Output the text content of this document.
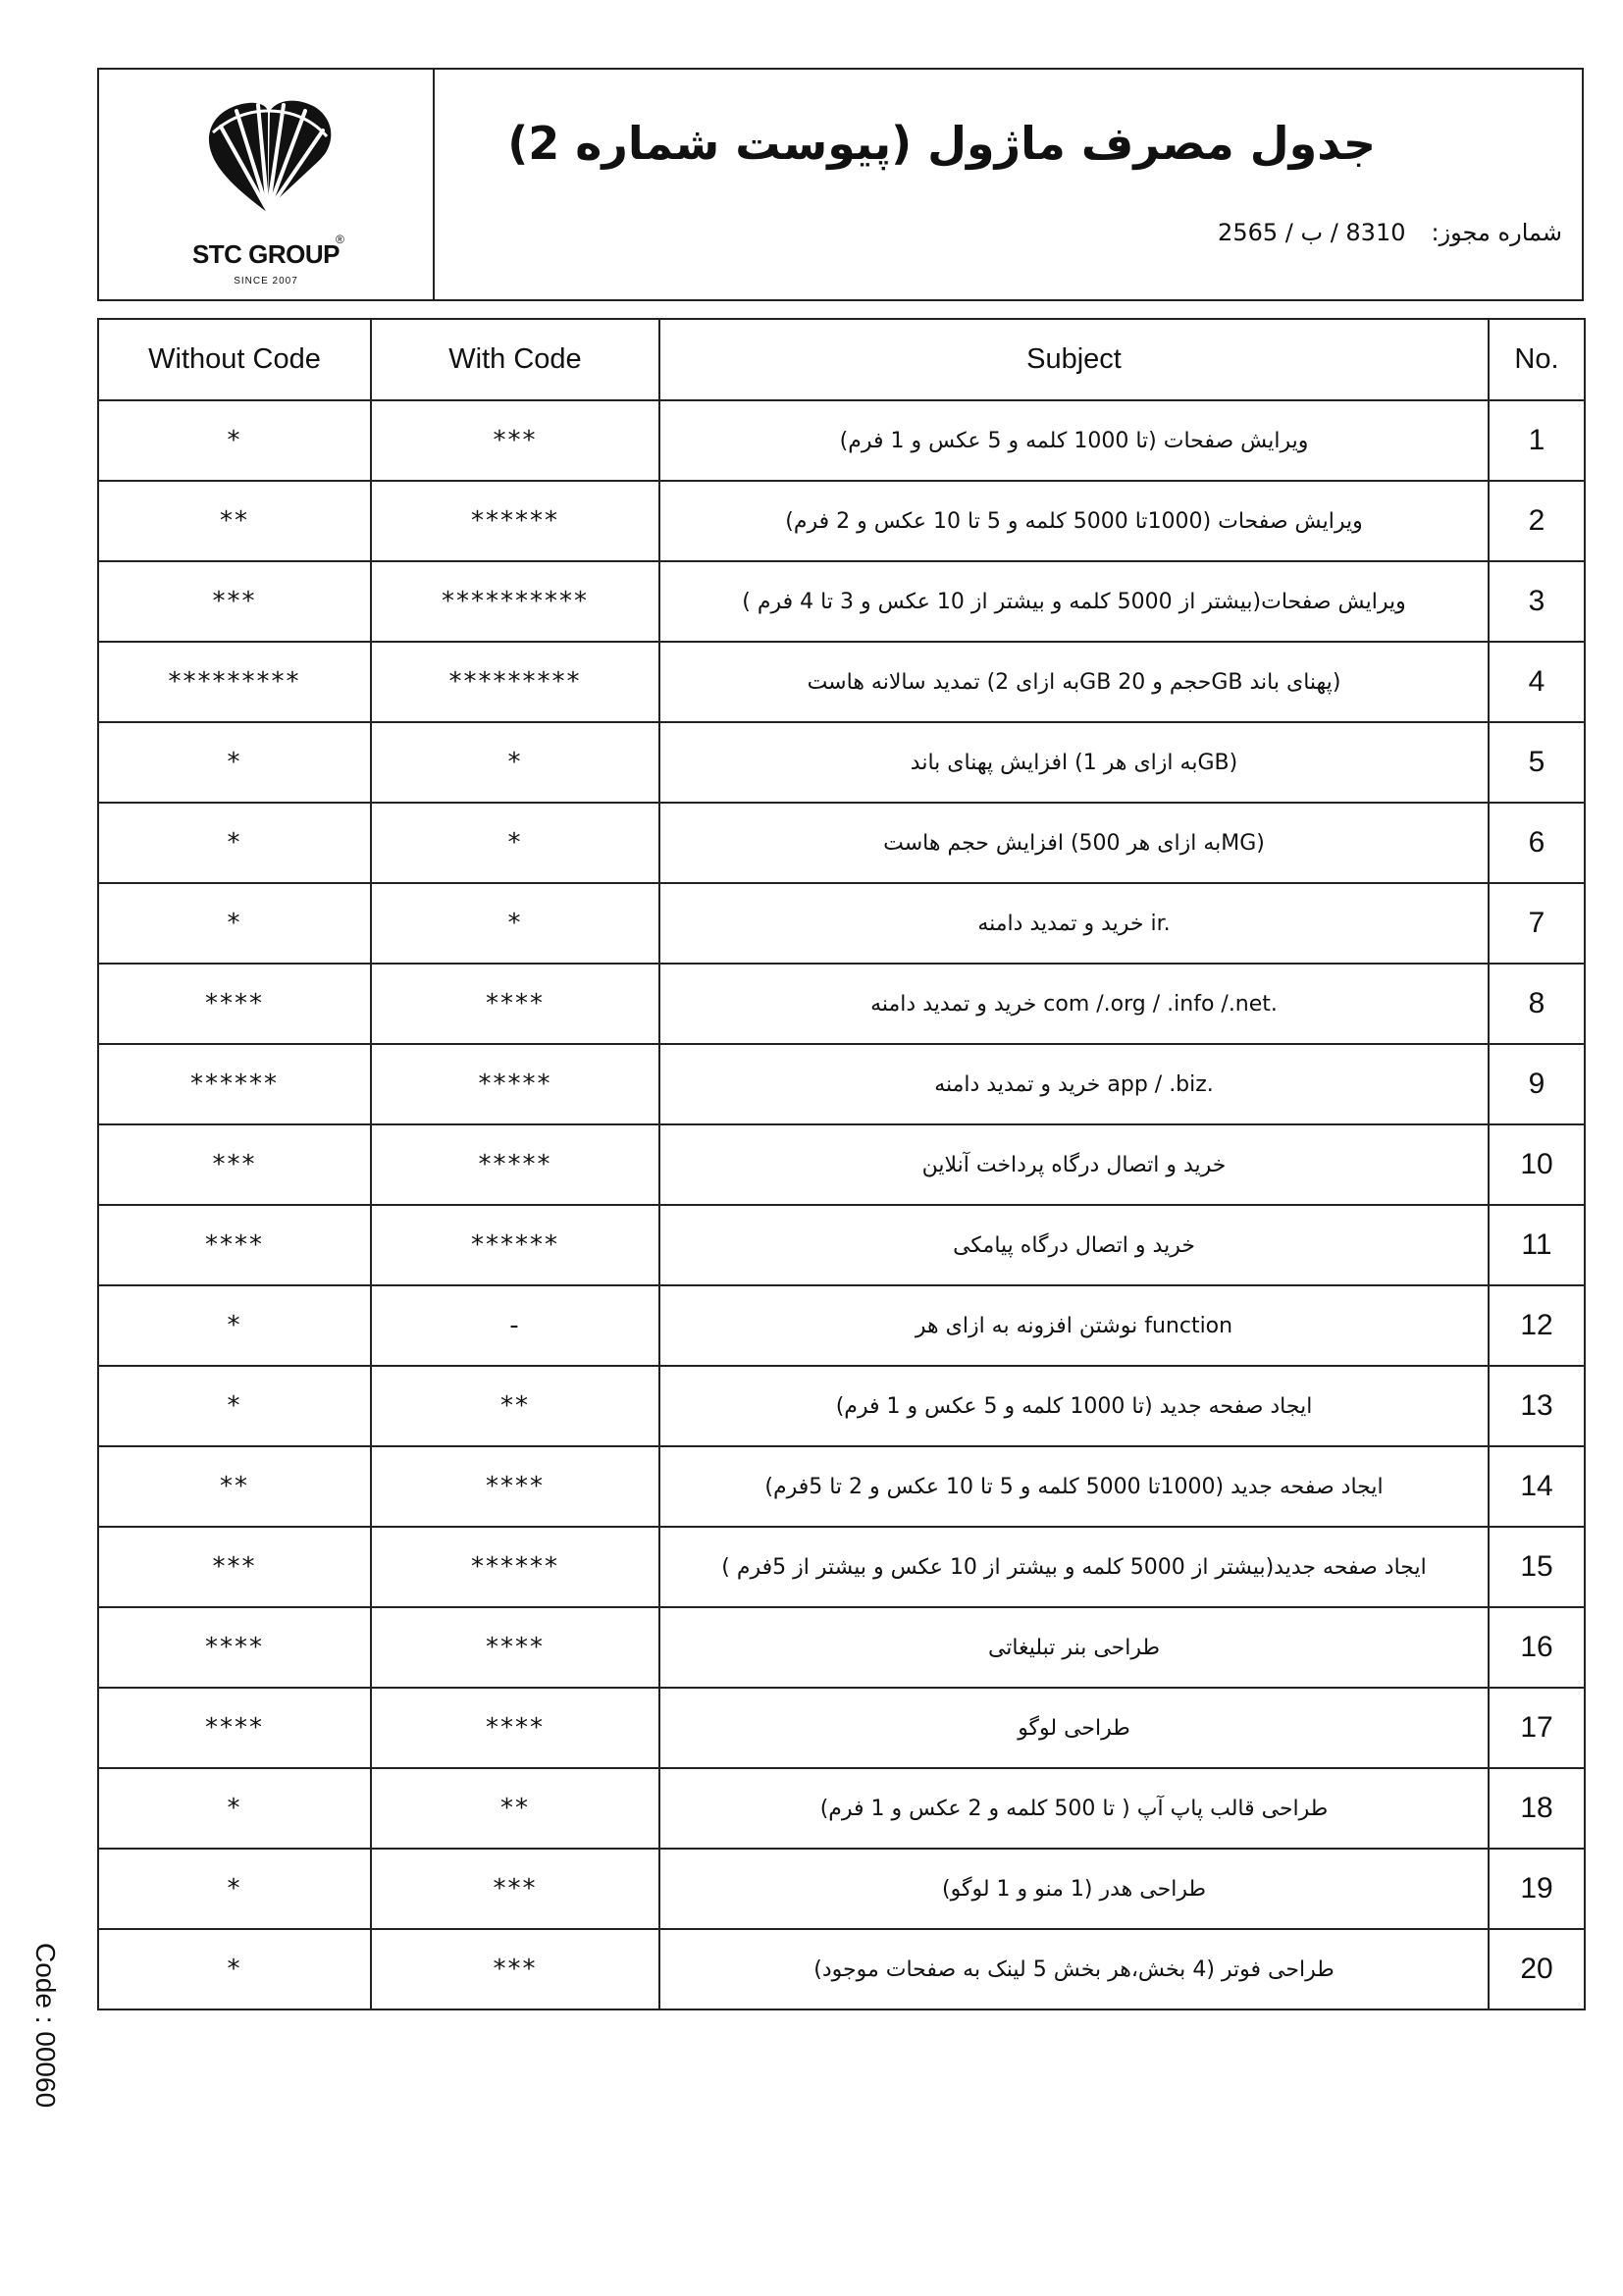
STC GROUP
®
SINCE 2007
جدول مصرف ماژول (پیوست شماره 2)
شماره مجوز:
8310 / ب / 2565
Without Code	With Code	Subject	No.
*	***	ویرایش صفحات (تا 1000 کلمه و 5 عکس و 1 فرم)	1
**	******	ویرایش صفحات (1000تا 5000 کلمه و 5 تا 10 عکس و 2 فرم)	2
***	**********	ویرایش صفحات(بیشتر از 5000 کلمه و بیشتر از 10 عکس و 3 تا 4 فرم )	3
*********	*********	تمدید سالانه هاست (به ازای 2GB حجم و 20GB پهنای باند)	4
*	*	افزایش پهنای باند (به ازای هر 1GB)	5
*	*	افزایش حجم هاست (به ازای هر 500MG)	6
*	*	خرید و تمدید دامنه ir.	7
****	****	خرید و تمدید دامنه com /.org / .info /.net.	8
******	*****	خرید و تمدید دامنه app / .biz.	9
***	*****	خرید و اتصال درگاه پرداخت آنلاین	10
****	******	خرید و اتصال درگاه پیامکی	11
*	-	نوشتن افزونه به ازای هر function	12
*	**	ایجاد صفحه جدید (تا 1000 کلمه و 5 عکس و 1 فرم)	13
**	****	ایجاد صفحه جدید (1000تا 5000 کلمه و 5 تا 10 عکس و 2 تا 5فرم)	14
***	******	ایجاد صفحه جدید(بیشتر از 5000 کلمه و بیشتر از 10 عکس و بیشتر از 5فرم )	15
****	****	طراحی بنر تبلیغاتی	16
****	****	طراحی لوگو	17
*	**	طراحی قالب پاپ آپ ( تا 500 کلمه و 2 عکس و 1 فرم)	18
*	***	طراحی هدر (1 منو و 1 لوگو)	19
*	***	طراحی فوتر (4 بخش،هر بخش 5 لینک به صفحات موجود)	20
Code : 00060
